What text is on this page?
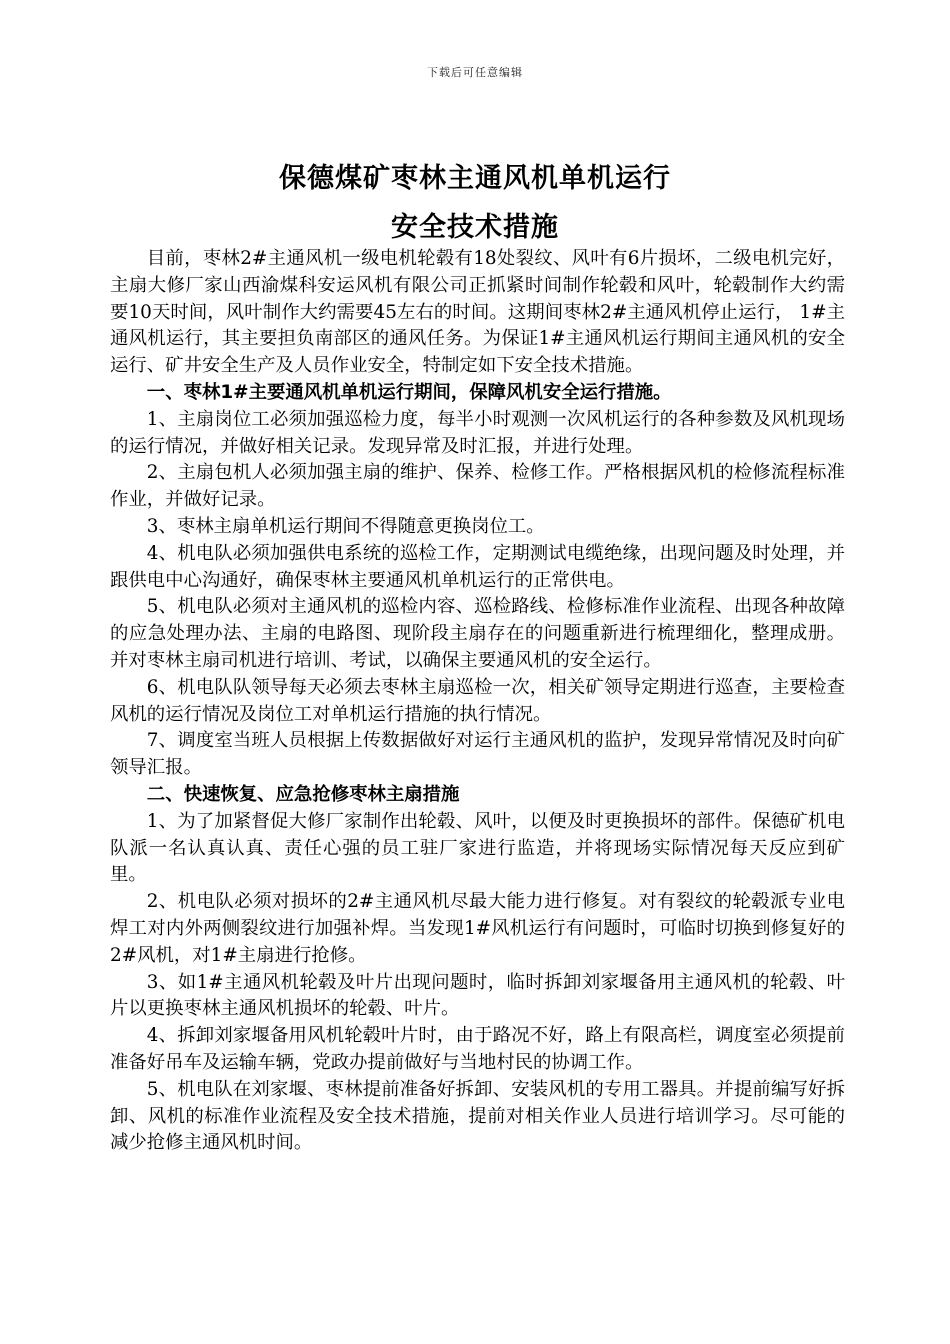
下载后可任意编辑
保德煤矿枣林主通风机单机运行
安全技术措施

目前，枣林2#主通风机一级电机轮毂有18处裂纹、风叶有6片损坏，二级电机完好，主扇大修厂家山西渝煤科安运风机有限公司正抓紧时间制作轮毂和风叶，轮毂制作大约需要10天时间，风叶制作大约需要45左右的时间。这期间枣林2#主通风机停止运行， 1#主通风机运行，其主要担负南部区的通风任务。为保证1#主通风机运行期间主通风机的安全运行、矿井安全生产及人员作业安全，特制定如下安全技术措施。

一、枣林1#主要通风机单机运行期间，保障风机安全运行措施。

1、主扇岗位工必须加强巡检力度，每半小时观测一次风机运行的各种参数及风机现场的运行情况，并做好相关记录。发现异常及时汇报，并进行处理。

2、主扇包机人必须加强主扇的维护、保养、检修工作。严格根据风机的检修流程标准作业，并做好记录。

3、枣林主扇单机运行期间不得随意更换岗位工。

4、机电队必须加强供电系统的巡检工作，定期测试电缆绝缘，出现问题及时处理，并跟供电中心沟通好，确保枣林主要通风机单机运行的正常供电。

5、机电队必须对主通风机的巡检内容、巡检路线、检修标准作业流程、出现各种故障的应急处理办法、主扇的电路图、现阶段主扇存在的问题重新进行梳理细化，整理成册。并对枣林主扇司机进行培训、考试，以确保主要通风机的安全运行。

6、机电队队领导每天必须去枣林主扇巡检一次，相关矿领导定期进行巡查，主要检查风机的运行情况及岗位工对单机运行措施的执行情况。

7、调度室当班人员根据上传数据做好对运行主通风机的监护，发现异常情况及时向矿领导汇报。

二、快速恢复、应急抢修枣林主扇措施

1、为了加紧督促大修厂家制作出轮毂、风叶，以便及时更换损坏的部件。保德矿机电队派一名认真认真、责任心强的员工驻厂家进行监造，并将现场实际情况每天反应到矿里。

2、机电队必须对损坏的2#主通风机尽最大能力进行修复。对有裂纹的轮毂派专业电焊工对内外两侧裂纹进行加强补焊。当发现1#风机运行有问题时，可临时切换到修复好的2#风机，对1#主扇进行抢修。

3、如1#主通风机轮毂及叶片出现问题时，临时拆卸刘家堰备用主通风机的轮毂、叶片以更换枣林主通风机损坏的轮毂、叶片。

4、拆卸刘家堰备用风机轮毂叶片时，由于路况不好，路上有限高栏，调度室必须提前准备好吊车及运输车辆，党政办提前做好与当地村民的协调工作。

5、机电队在刘家堰、枣林提前准备好拆卸、安装风机的专用工器具。并提前编写好拆卸、风机的标准作业流程及安全技术措施，提前对相关作业人员进行培训学习。尽可能的减少抢修主通风机时间。
